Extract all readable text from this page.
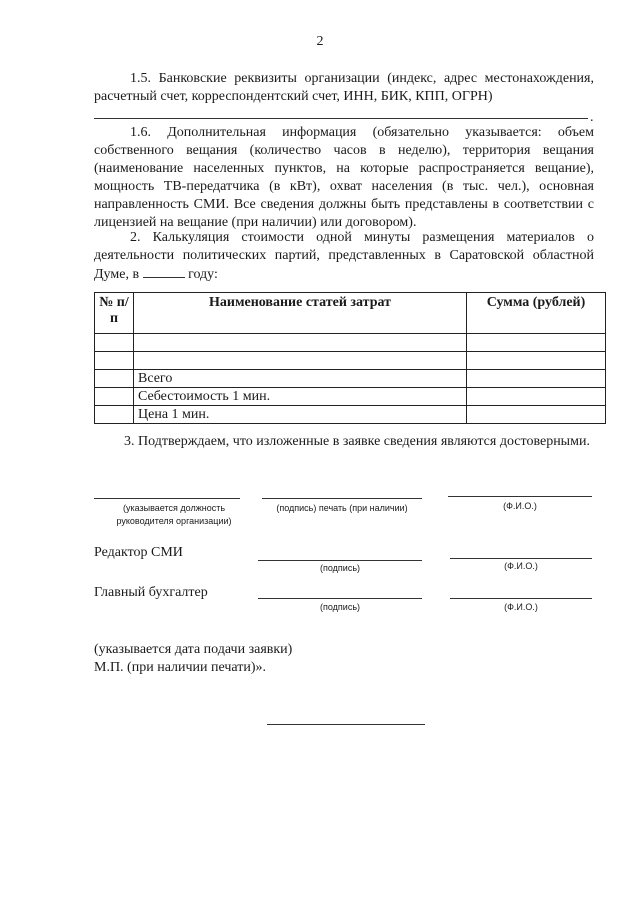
2
1.5. Банковские реквизиты организации (индекс, адрес местонахождения, расчетный счет, корреспондентский счет, ИНН, БИК, КПП, ОГРН)
.
1.6. Дополнительная информация (обязательно указывается: объем собственного вещания (количество часов в неделю), территория вещания (наименование населенных пунктов, на которые распространяется вещание), мощность ТВ-передатчика (в кВт), охват населения (в тыс. чел.), основная направленность СМИ. Все сведения должны быть представлены в соответствии с лицензией на вещание (при наличии) или договором).
2. Калькуляция стоимости одной минуты размещения материалов о деятельности политических партий, представленных в Саратовской областной Думе, в	году:
№ п/п	Наименование статей затрат	Сумма (рублей)

	Всего	
	Себестоимость 1 мин.	
	Цена 1 мин.	
3. Подтверждаем, что изложенные в заявке сведения являются достоверными.
(указывается должность руководителя организации)
(подпись) печать (при наличии)	(Ф.И.О.)
Редактор СМИ
(подпись)	(Ф.И.О.)
Главный бухгалтер
(подпись)	(Ф.И.О.)
(указывается дата подачи заявки)
М.П. (при наличии печати)».
